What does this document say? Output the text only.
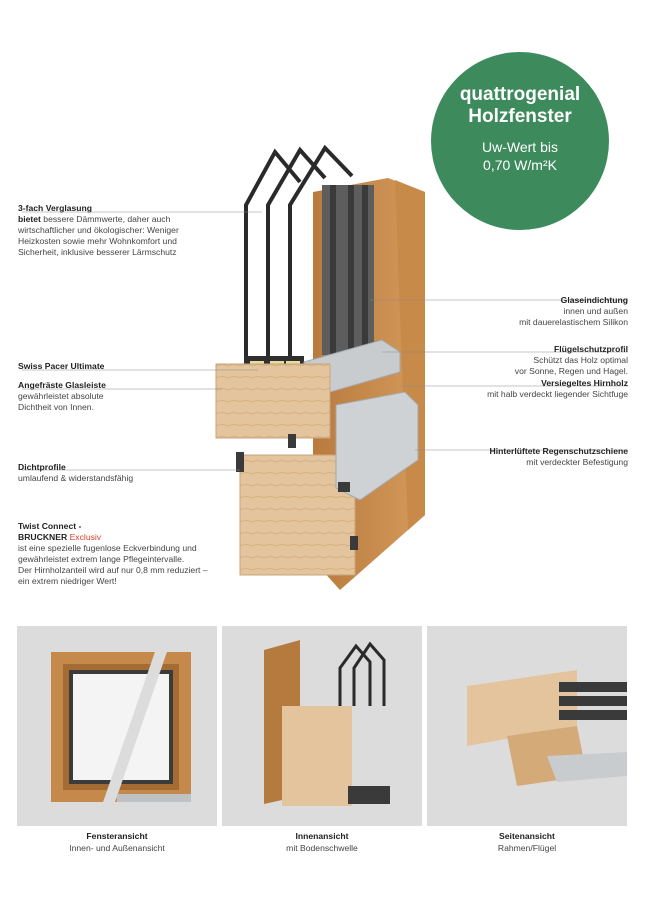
quattrogenial
Holzfenster
Uw-Wert bis
0,70 W/m²K
3-fach Verglasung
bietet bessere Dämmwerte, daher auch
wirtschaftlicher und ökologischer: Weniger
Heizkosten sowie mehr Wohnkomfort und
Sicherheit, inklusive besserer Lärmschutz
Swiss Pacer Ultimate
Angefräste Glasleiste
gewährleistet absolute
Dichtheit von Innen.
Dichtprofile
umlaufend & widerstandsfähig
Twist Connect -
BRUCKNER Exclusiv
ist eine spezielle fugenlose Eckverbindung und
gewährleistet extrem lange Pflegeintervalle.
Der Hirnholzanteil wird auf nur 0,8 mm reduziert –
ein extrem niedriger Wert!
Glaseindichtung
innen und außen
mit dauerelastischem Silikon
Flügelschutzprofil
Schützt das Holz optimal
vor Sonne, Regen und Hagel.
Versiegeltes Hirnholz
mit halb verdeckt liegender Sichtfuge
Hinterlüftete Regenschutzschiene
mit verdeckter Befestigung
Fensteransicht
Innen- und Außenansicht
Innenansicht
mit Bodenschwelle
Seitenansicht
Rahmen/Flügel
